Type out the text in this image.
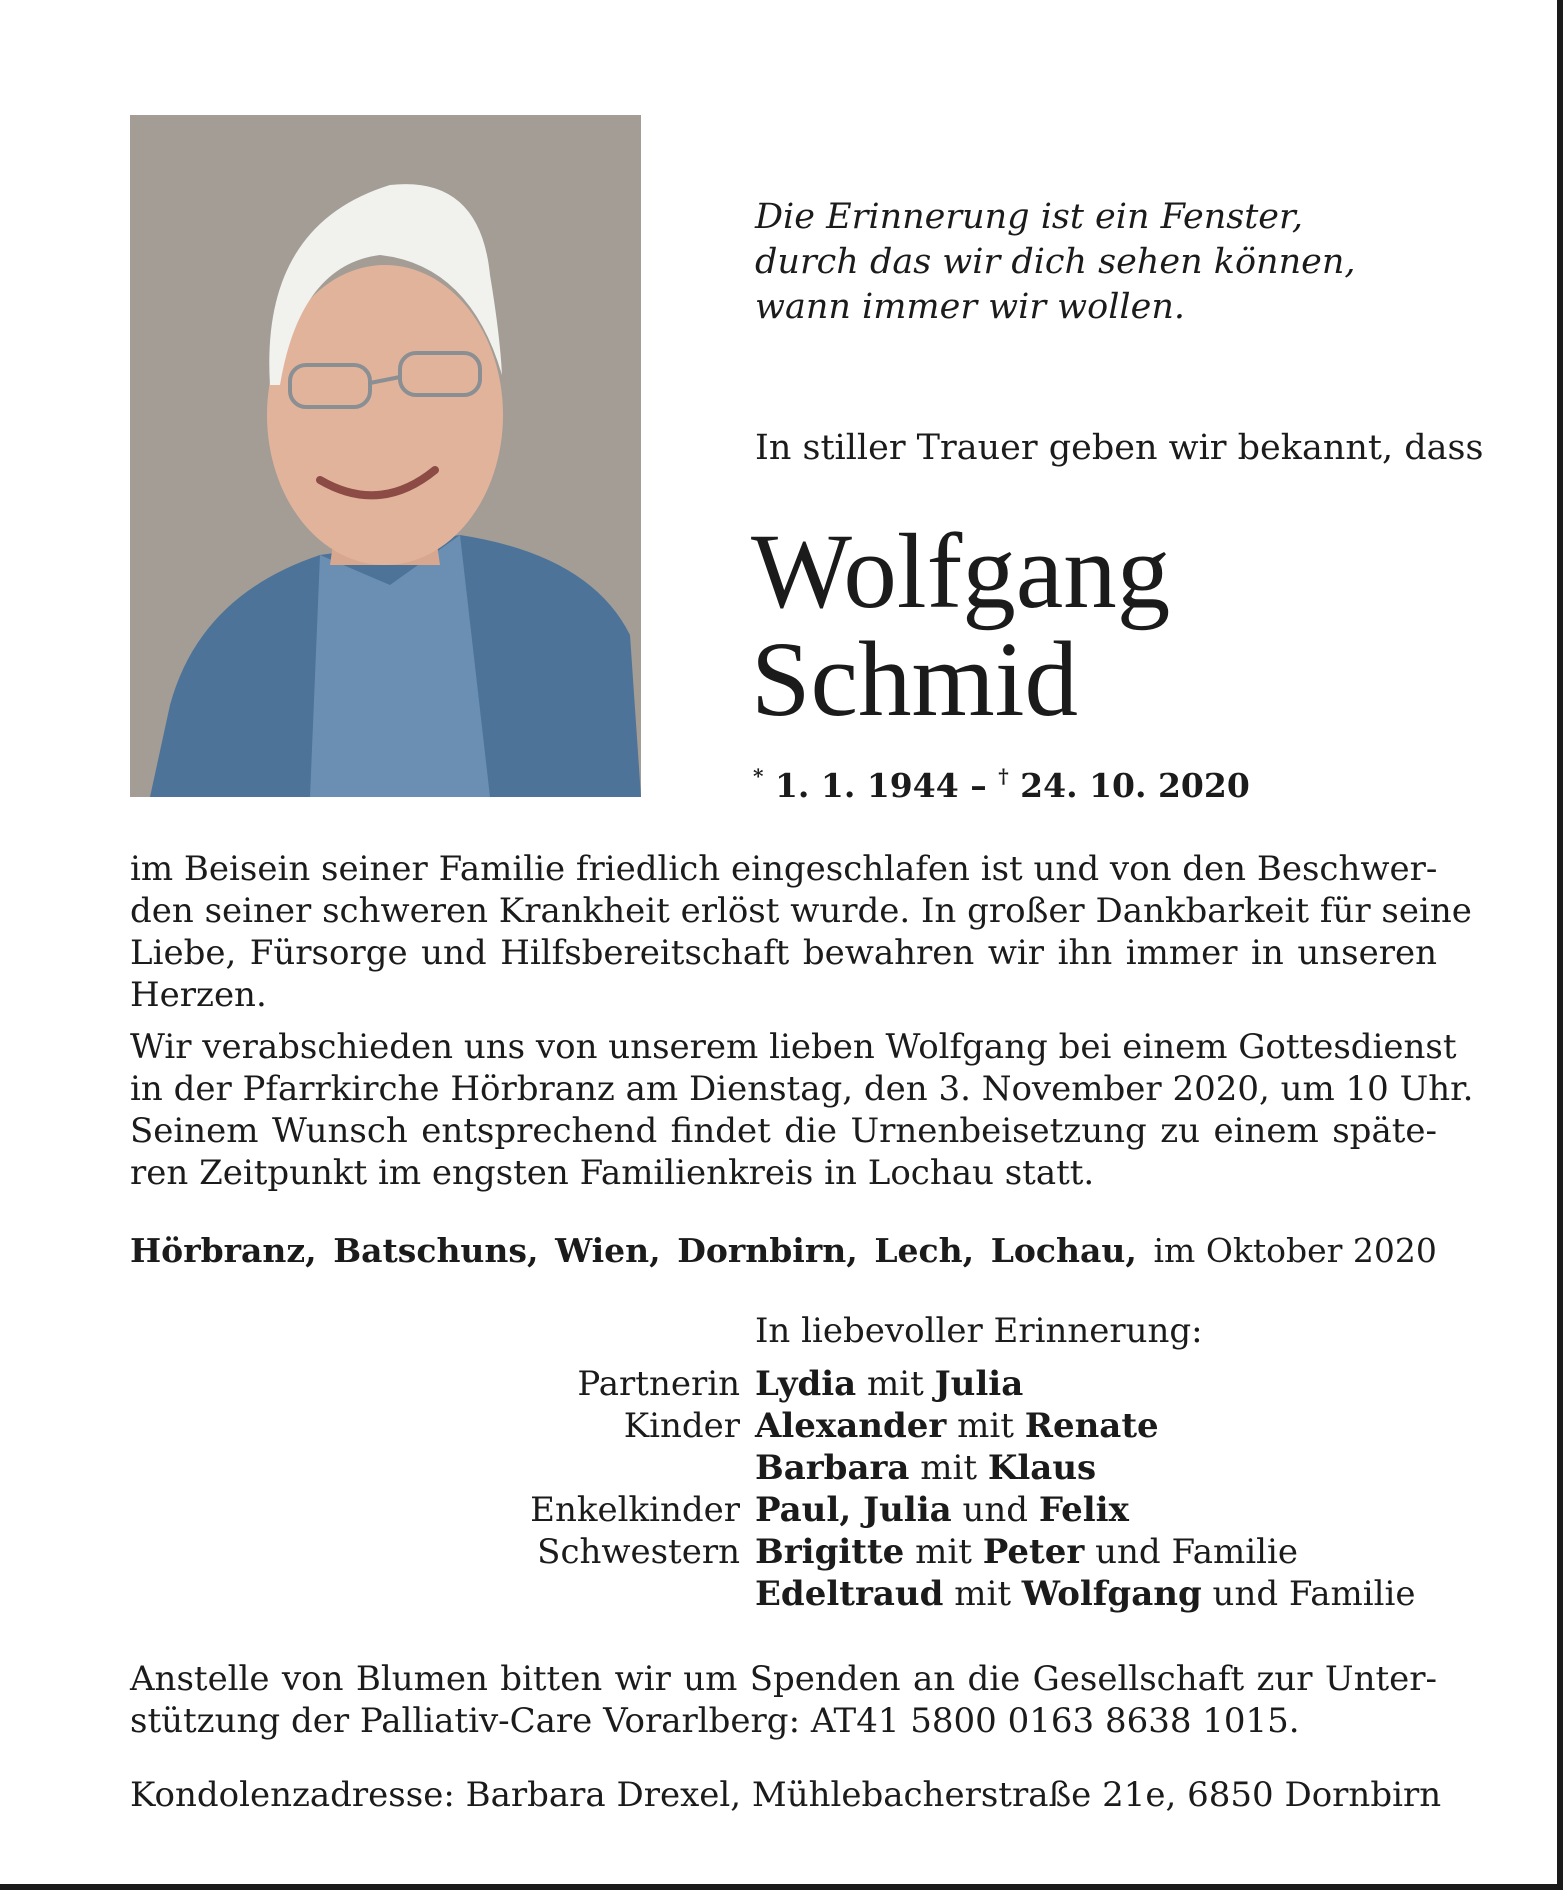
Die Erinnerung ist ein Fenster,
durch das wir dich sehen können,
wann immer wir wollen.
In stiller Trauer geben wir bekannt, dass
Wolfgang
Schmid
* 1. 1. 1944 – † 24. 10. 2020
im Beisein seiner Familie friedlich eingeschlafen ist und von den Beschwer-
den seiner schweren Krankheit erlöst wurde. In großer Dankbarkeit für seine
Liebe, Fürsorge und Hilfsbereitschaft bewahren wir ihn immer in unseren
Herzen.
Wir verabschieden uns von unserem lieben Wolfgang bei einem Gottesdienst
in der Pfarrkirche Hörbranz am Dienstag, den 3. November 2020, um 10 Uhr.
Seinem Wunsch entsprechend findet die Urnenbeisetzung zu einem späte-
ren Zeitpunkt im engsten Familienkreis in Lochau statt.
Hörbranz, Batschuns, Wien, Dornbirn, Lech, Lochau, im Oktober 2020
In liebevoller Erinnerung:
Partnerin Lydia mit Julia
Kinder Alexander mit Renate
Barbara mit Klaus
Enkelkinder Paul, Julia und Felix
Schwestern Brigitte mit Peter und Familie
Edeltraud mit Wolfgang und Familie
Anstelle von Blumen bitten wir um Spenden an die Gesellschaft zur Unter-
stützung der Palliativ-Care Vorarlberg: AT41 5800 0163 8638 1015.
Kondolenzadresse: Barbara Drexel, Mühlebacherstraße 21e, 6850 Dornbirn
